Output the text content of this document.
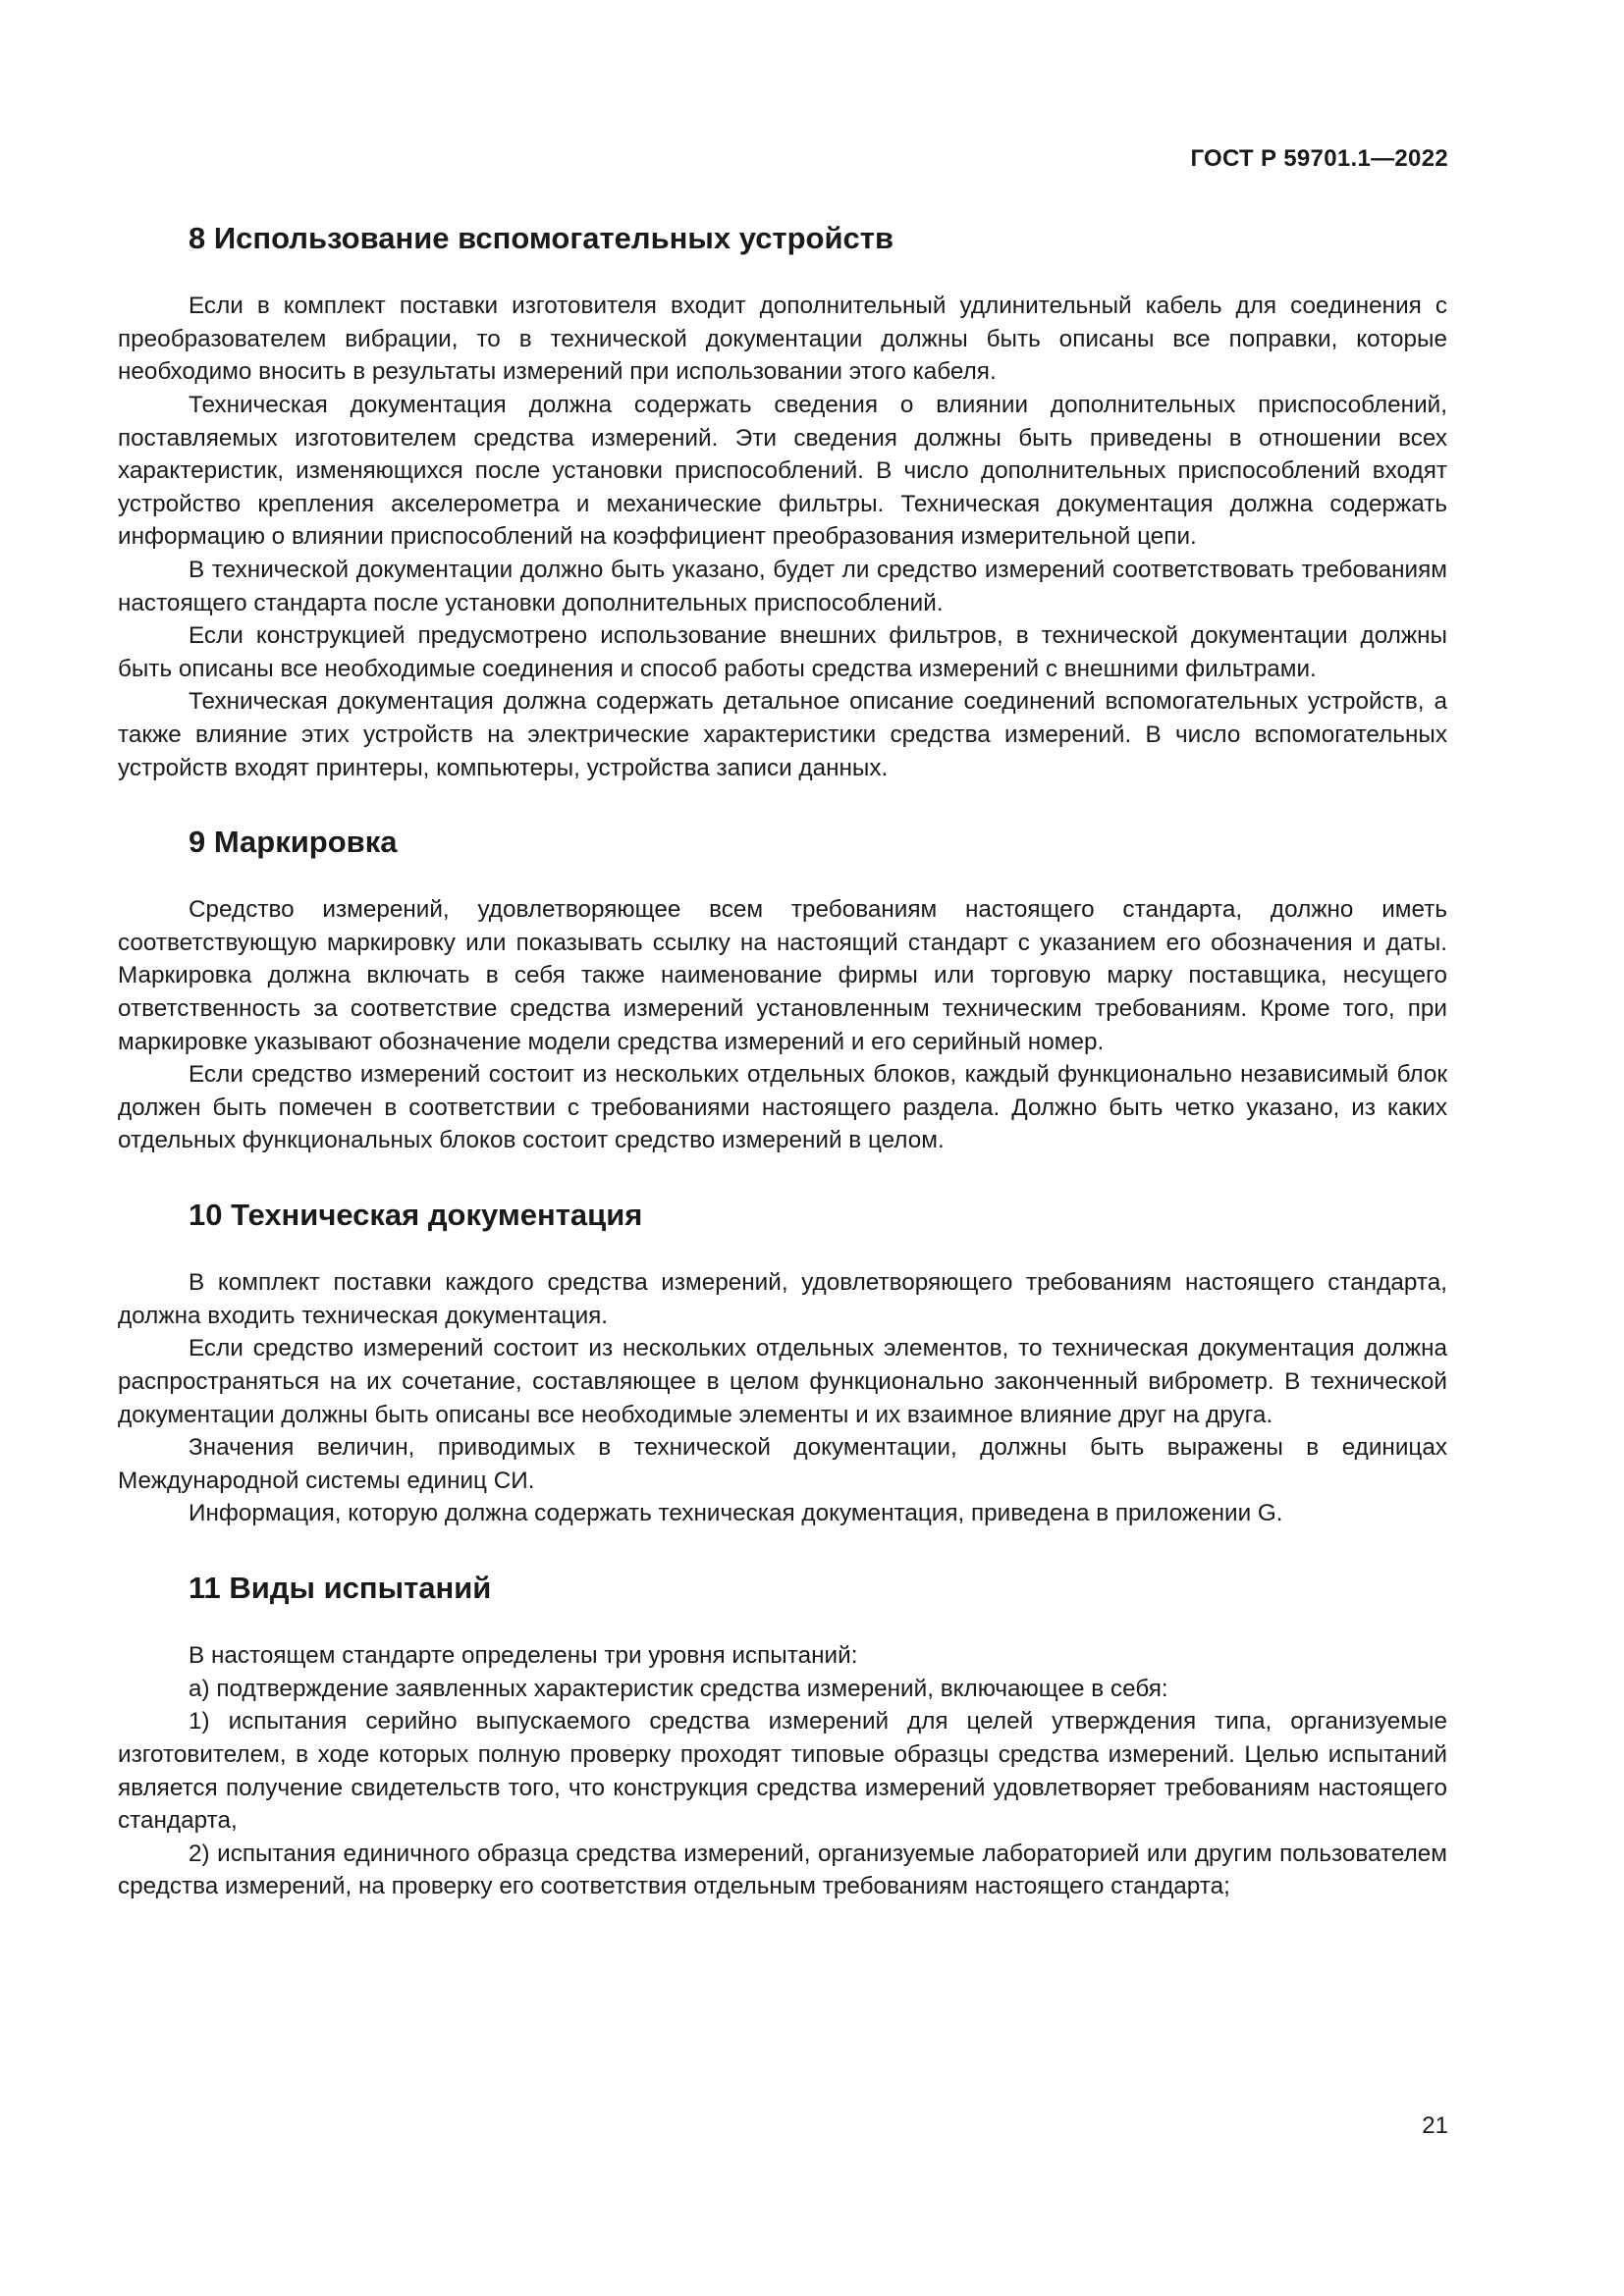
ГОСТ Р 59701.1—2022
8 Использование вспомогательных устройств

Если в комплект поставки изготовителя входит дополнительный удлинительный кабель для соединения с преобразователем вибрации, то в технической документации должны быть описаны все поправки, которые необходимо вносить в результаты измерений при использовании этого кабеля.

Техническая документация должна содержать сведения о влиянии дополнительных приспособлений, поставляемых изготовителем средства измерений. Эти сведения должны быть приведены в отношении всех характеристик, изменяющихся после установки приспособлений. В число дополнительных приспособлений входят устройство крепления акселерометра и механические фильтры. Техническая документация должна содержать информацию о влиянии приспособлений на коэффициент преобразования измерительной цепи.

В технической документации должно быть указано, будет ли средство измерений соответствовать требованиям настоящего стандарта после установки дополнительных приспособлений.

Если конструкцией предусмотрено использование внешних фильтров, в технической документации должны быть описаны все необходимые соединения и способ работы средства измерений с внешними фильтрами.

Техническая документация должна содержать детальное описание соединений вспомогательных устройств, а также влияние этих устройств на электрические характеристики средства измерений. В число вспомогательных устройств входят принтеры, компьютеры, устройства записи данных.

9 Маркировка

Средство измерений, удовлетворяющее всем требованиям настоящего стандарта, должно иметь соответствующую маркировку или показывать ссылку на настоящий стандарт с указанием его обозначения и даты. Маркировка должна включать в себя также наименование фирмы или торговую марку поставщика, несущего ответственность за соответствие средства измерений установленным техническим требованиям. Кроме того, при маркировке указывают обозначение модели средства измерений и его серийный номер.

Если средство измерений состоит из нескольких отдельных блоков, каждый функционально независимый блок должен быть помечен в соответствии с требованиями настоящего раздела. Должно быть четко указано, из каких отдельных функциональных блоков состоит средство измерений в целом.

10 Техническая документация

В комплект поставки каждого средства измерений, удовлетворяющего требованиям настоящего стандарта, должна входить техническая документация.

Если средство измерений состоит из нескольких отдельных элементов, то техническая документация должна распространяться на их сочетание, составляющее в целом функционально законченный виброметр. В технической документации должны быть описаны все необходимые элементы и их взаимное влияние друг на друга.

Значения величин, приводимых в технической документации, должны быть выражены в единицах Международной системы единиц СИ.

Информация, которую должна содержать техническая документация, приведена в приложении G.

11 Виды испытаний

В настоящем стандарте определены три уровня испытаний:

а) подтверждение заявленных характеристик средства измерений, включающее в себя:

1) испытания серийно выпускаемого средства измерений для целей утверждения типа, организуемые изготовителем, в ходе которых полную проверку проходят типовые образцы средства измерений. Целью испытаний является получение свидетельств того, что конструкция средства измерений удовлетворяет требованиям настоящего стандарта,

2) испытания единичного образца средства измерений, организуемые лабораторией или другим пользователем средства измерений, на проверку его соответствия отдельным требованиям настоящего стандарта;

21
